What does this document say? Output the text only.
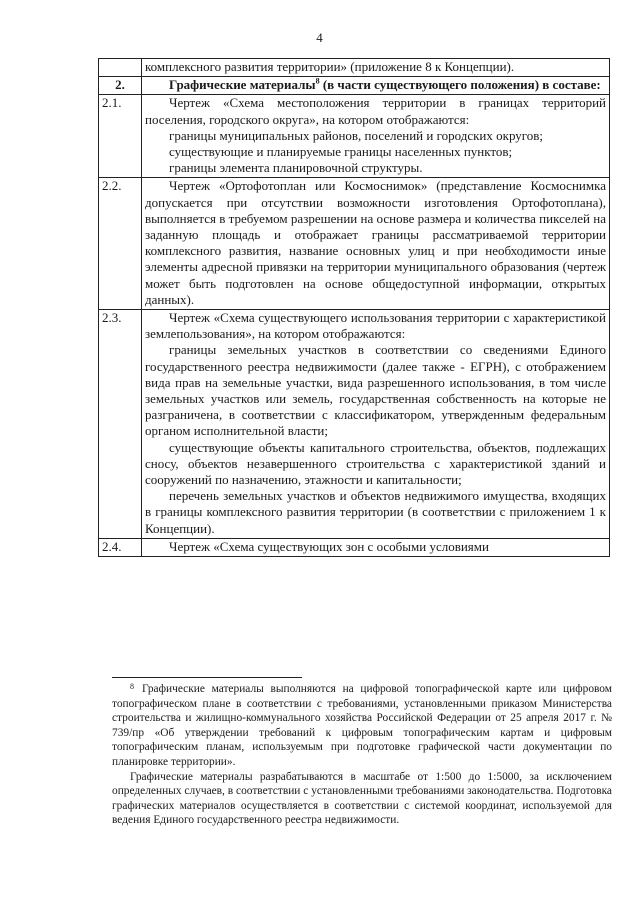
4
	комплексного развития территории» (приложение 8 к Концепции).
2.	Графические материалы$^8$ (в части существующего положения) в составе:
2.1.	Чертеж «Схема местоположения территории в границах территорий поселения, городского округа», на котором отображаются:
границы муниципальных районов, поселений и городских округов;
существующие и планируемые границы населенных пунктов;
границы элемента планировочной структуры.

2.2.	Чертеж «Ортофотоплан или Космоснимок» (представление Космоснимка допускается при отсутствии возможности изготовления Ортофотоплана), выполняется в требуемом разрешении на основе размера и количества пикселей на заданную площадь и отображает границы рассматриваемой территории комплексного развития, название основных улиц и при необходимости иные элементы адресной привязки на территории муниципального образования (чертеж может быть подготовлен на основе общедоступной информации, открытых данных).

2.3.	Чертеж «Схема существующего использования территории с характеристикой землепользования», на котором отображаются:
границы земельных участков в соответствии со сведениями Единого государственного реестра недвижимости (далее также - ЕГРН), с отображением вида прав на земельные участки, вида разрешенного использования, в том числе земельных участков или земель, государственная собственность на которые не разграничена, в соответствии с классификатором, утвержденным федеральным органом исполнительной власти;
существующие объекты капитального строительства, объектов, подлежащих сносу, объектов незавершенного строительства с характеристикой зданий и сооружений по назначению, этажности и капитальности;
перечень земельных участков и объектов недвижимого имущества, входящих в границы комплексного развития территории (в соответствии с приложением 1 к Концепции).

2.4.	Чертеж «Схема существующих зон с особыми условиями
$^8$ Графические материалы выполняются на цифровой топографической карте или цифровом топографическом плане в соответствии с требованиями, установленными приказом Министерства строительства и жилищно-коммунального хозяйства Российской Федерации от 25 апреля 2017 г. № 739/пр «Об утверждении требований к цифровым топографическим картам и цифровым топографическим планам, используемым при подготовке графической части документации по планировке территории».
Графические материалы разрабатываются в масштабе от 1:500 до 1:5000, за исключением определенных случаев, в соответствии с установленными требованиями законодательства. Подготовка графических материалов осуществляется в соответствии с системой координат, используемой для ведения Единого государственного реестра недвижимости.
